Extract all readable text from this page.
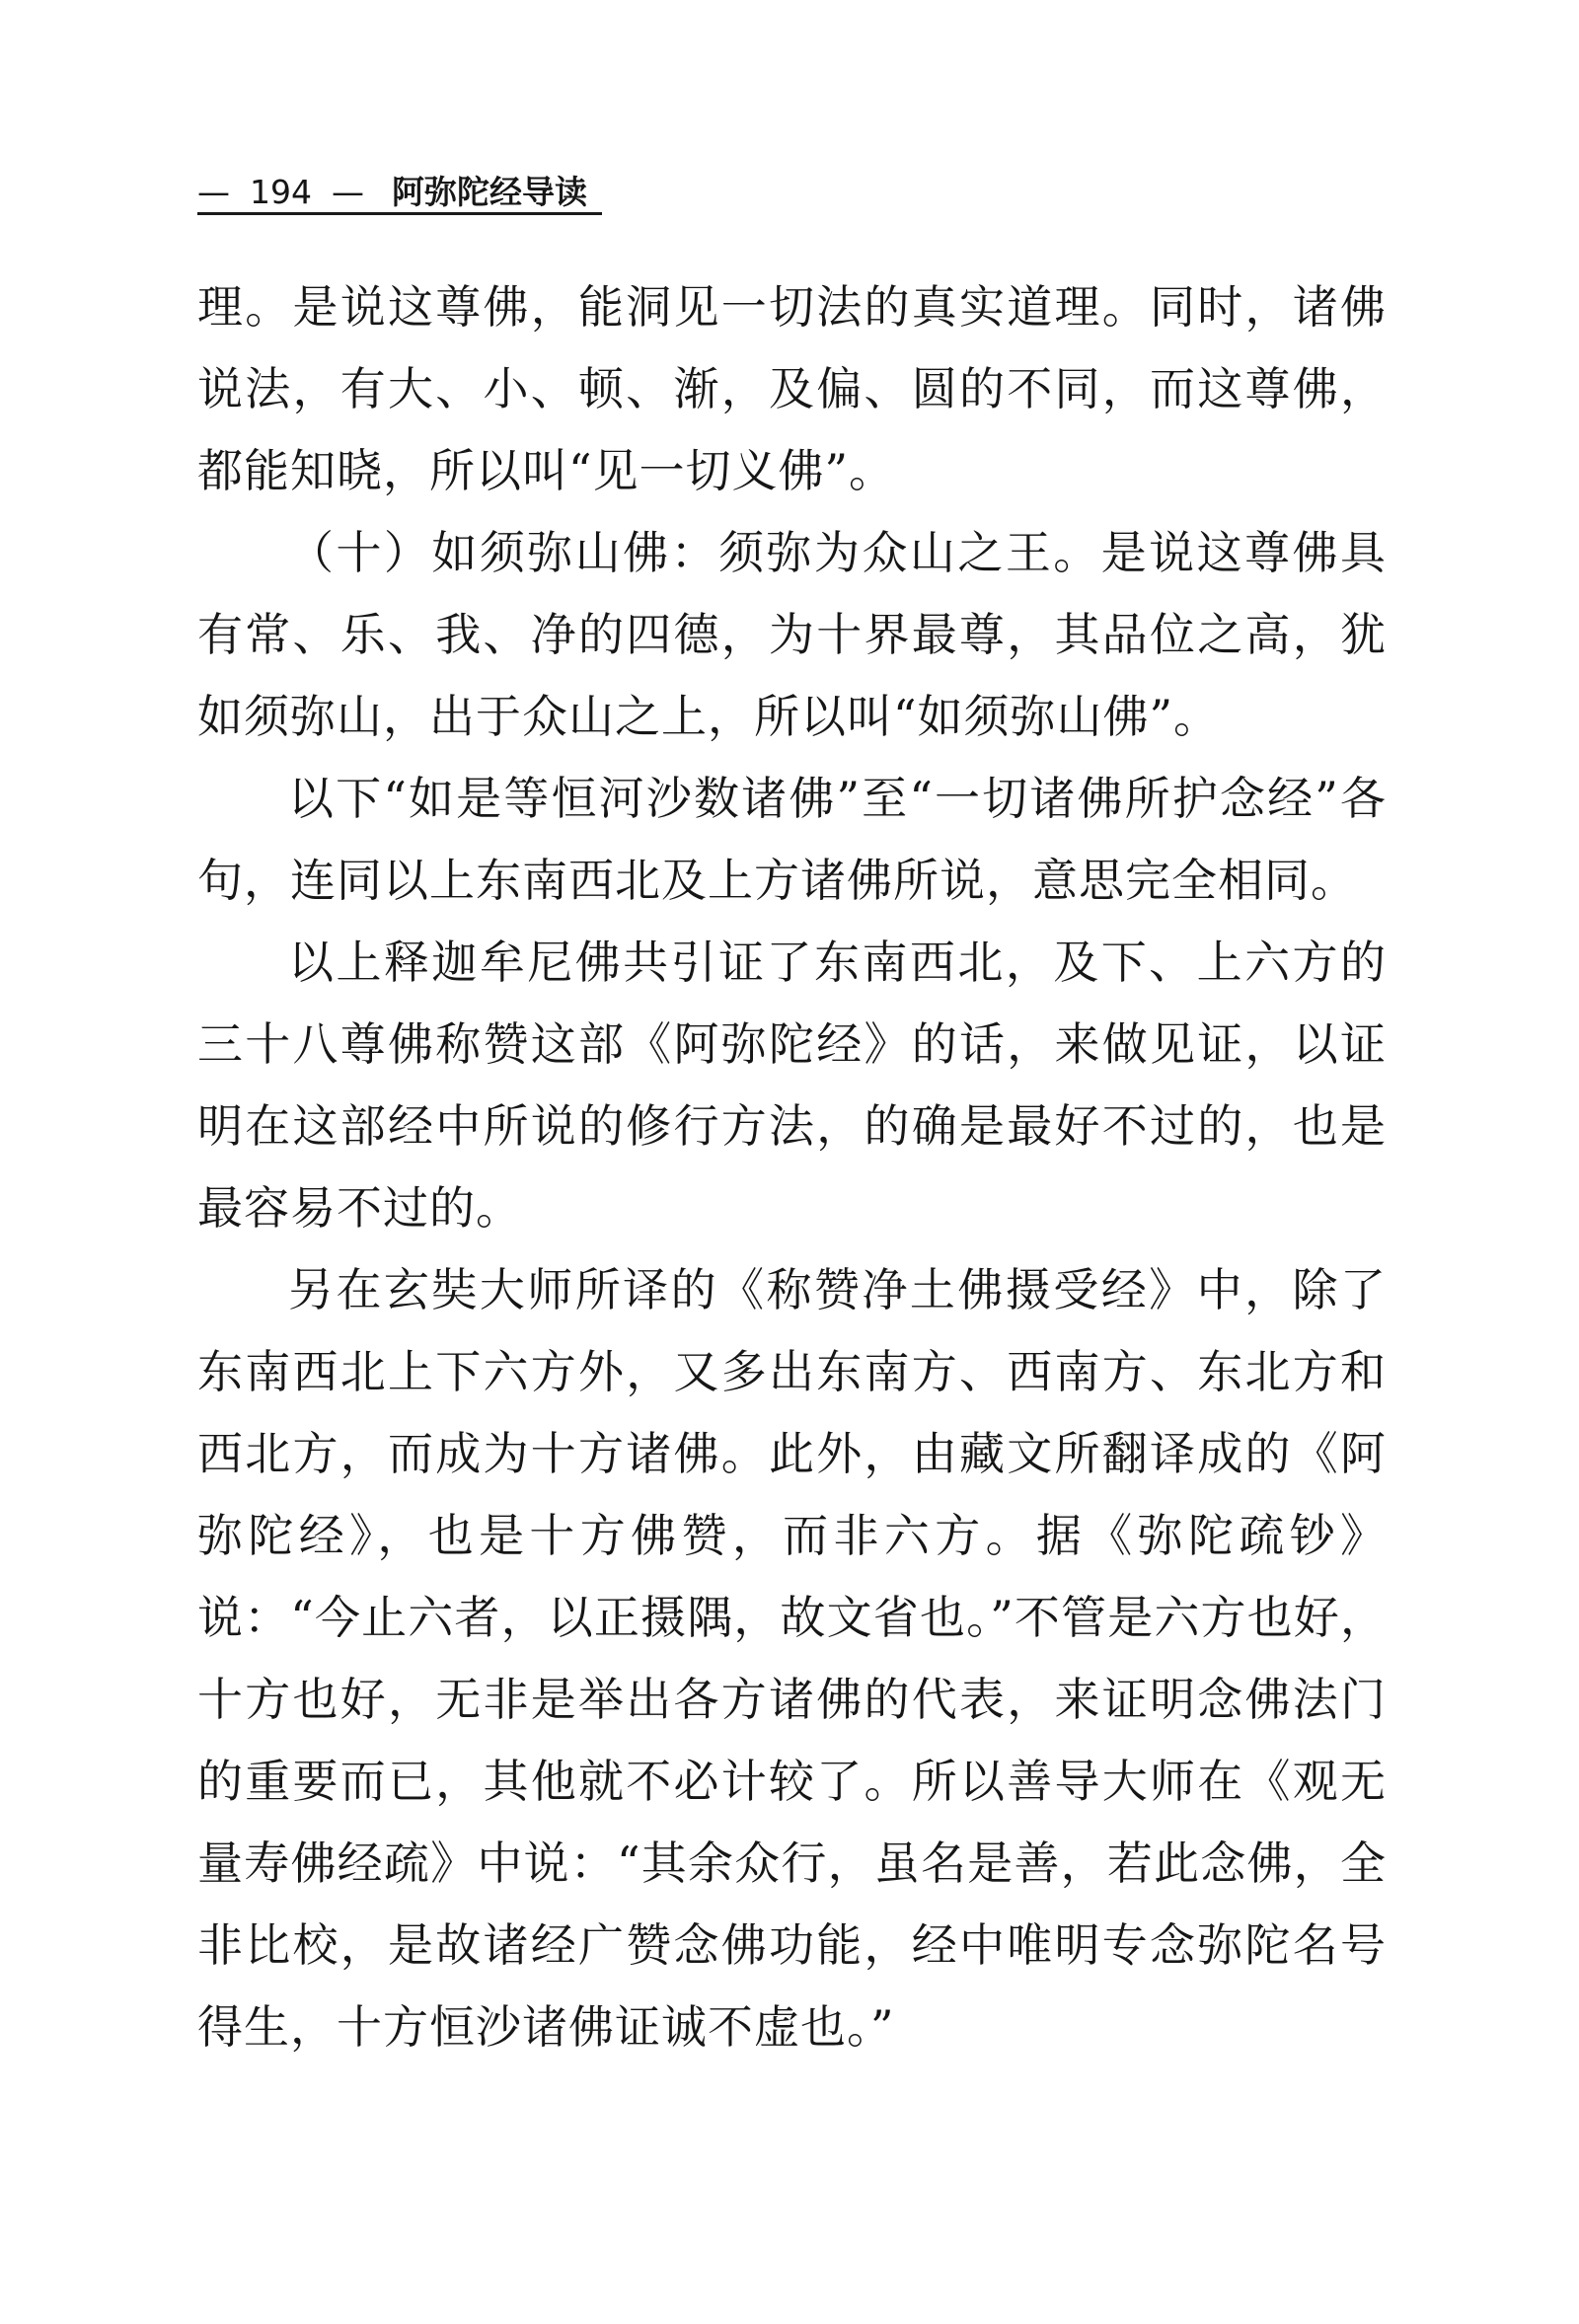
— 194 — 阿弥陀经导读

理。是说这尊佛，能洞见一切法的真实道理。同时，诸佛说法，有大、小、顿、渐，及偏、圆的不同，而这尊佛，都能知晓，所以叫“见一切义佛”。

（十）如须弥山佛：须弥为众山之王。是说这尊佛具有常、乐、我、净的四德，为十界最尊，其品位之高，犹如须弥山，出于众山之上，所以叫“如须弥山佛”。

以下“如是等恒河沙数诸佛”至“一切诸佛所护念经”各句，连同以上东南西北及上方诸佛所说，意思完全相同。

以上释迦牟尼佛共引证了东南西北，及下、上六方的三十八尊佛称赞这部《阿弥陀经》的话，来做见证，以证明在这部经中所说的修行方法，的确是最好不过的，也是最容易不过的。

另在玄奘大师所译的《称赞净土佛摄受经》中，除了东南西北上下六方外，又多出东南方、西南方、东北方和西北方，而成为十方诸佛。此外，由藏文所翻译成的《阿弥陀经》，也是十方佛赞，而非六方。据《弥陀疏钞》说：“今止六者，以正摄隅，故文省也。”不管是六方也好，十方也好，无非是举出各方诸佛的代表，来证明念佛法门的重要而已，其他就不必计较了。所以善导大师在《观无量寿佛经疏》中说：“其余众行，虽名是善，若此念佛，全非比校，是故诸经广赞念佛功能，经中唯明专念弥陀名号得生，十方恒沙诸佛证诚不虚也。”
